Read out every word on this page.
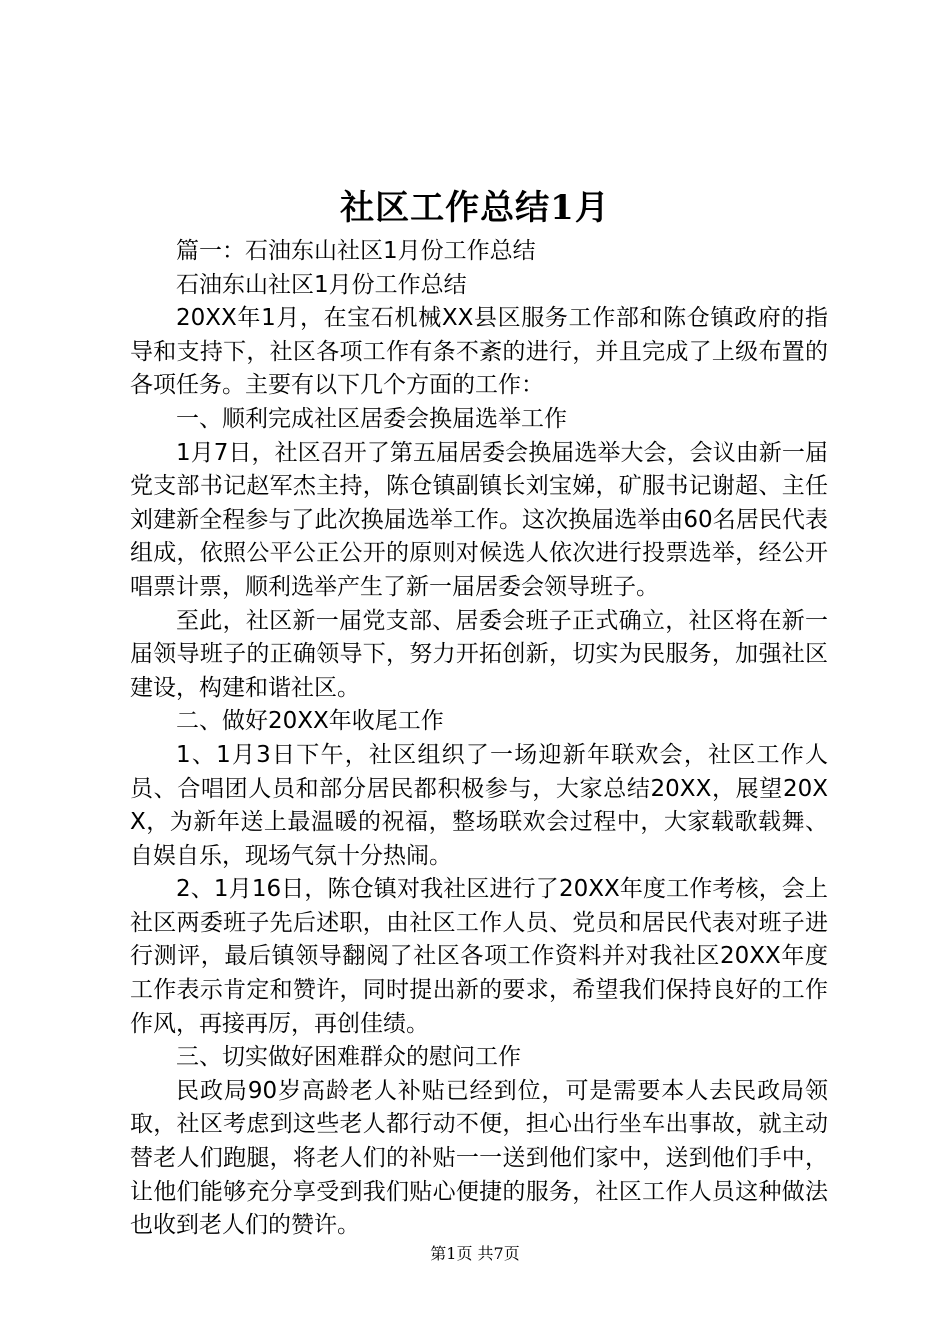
社区工作总结1月

篇一：石油东山社区1月份工作总结

石油东山社区1月份工作总结

20XX年1月，在宝石机械XX县区服务工作部和陈仓镇政府的指导和支持下，社区各项工作有条不紊的进行，并且完成了上级布置的各项任务。主要有以下几个方面的工作：

一、顺利完成社区居委会换届选举工作

1月7日，社区召开了第五届居委会换届选举大会，会议由新一届党支部书记赵军杰主持，陈仓镇副镇长刘宝娣，矿服书记谢超、主任刘建新全程参与了此次换届选举工作。这次换届选举由60名居民代表组成，依照公平公正公开的原则对候选人依次进行投票选举，经公开唱票计票，顺利选举产生了新一届居委会领导班子。

至此，社区新一届党支部、居委会班子正式确立，社区将在新一届领导班子的正确领导下，努力开拓创新，切实为民服务，加强社区建设，构建和谐社区。

二、做好20XX年收尾工作

1、1月3日下午，社区组织了一场迎新年联欢会，社区工作人员、合唱团人员和部分居民都积极参与，大家总结20XX，展望20XX，为新年送上最温暖的祝福，整场联欢会过程中，大家载歌载舞、自娱自乐，现场气氛十分热闹。

2、1月16日，陈仓镇对我社区进行了20XX年度工作考核，会上社区两委班子先后述职，由社区工作人员、党员和居民代表对班子进行测评，最后镇领导翻阅了社区各项工作资料并对我社区20XX年度工作表示肯定和赞许，同时提出新的要求，希望我们保持良好的工作作风，再接再厉，再创佳绩。

三、切实做好困难群众的慰问工作

民政局90岁高龄老人补贴已经到位，可是需要本人去民政局领取，社区考虑到这些老人都行动不便，担心出行坐车出事故，就主动替老人们跑腿，将老人们的补贴一一送到他们家中，送到他们手中，让他们能够充分享受到我们贴心便捷的服务，社区工作人员这种做法也收到老人们的赞许。

第1页 共7页
